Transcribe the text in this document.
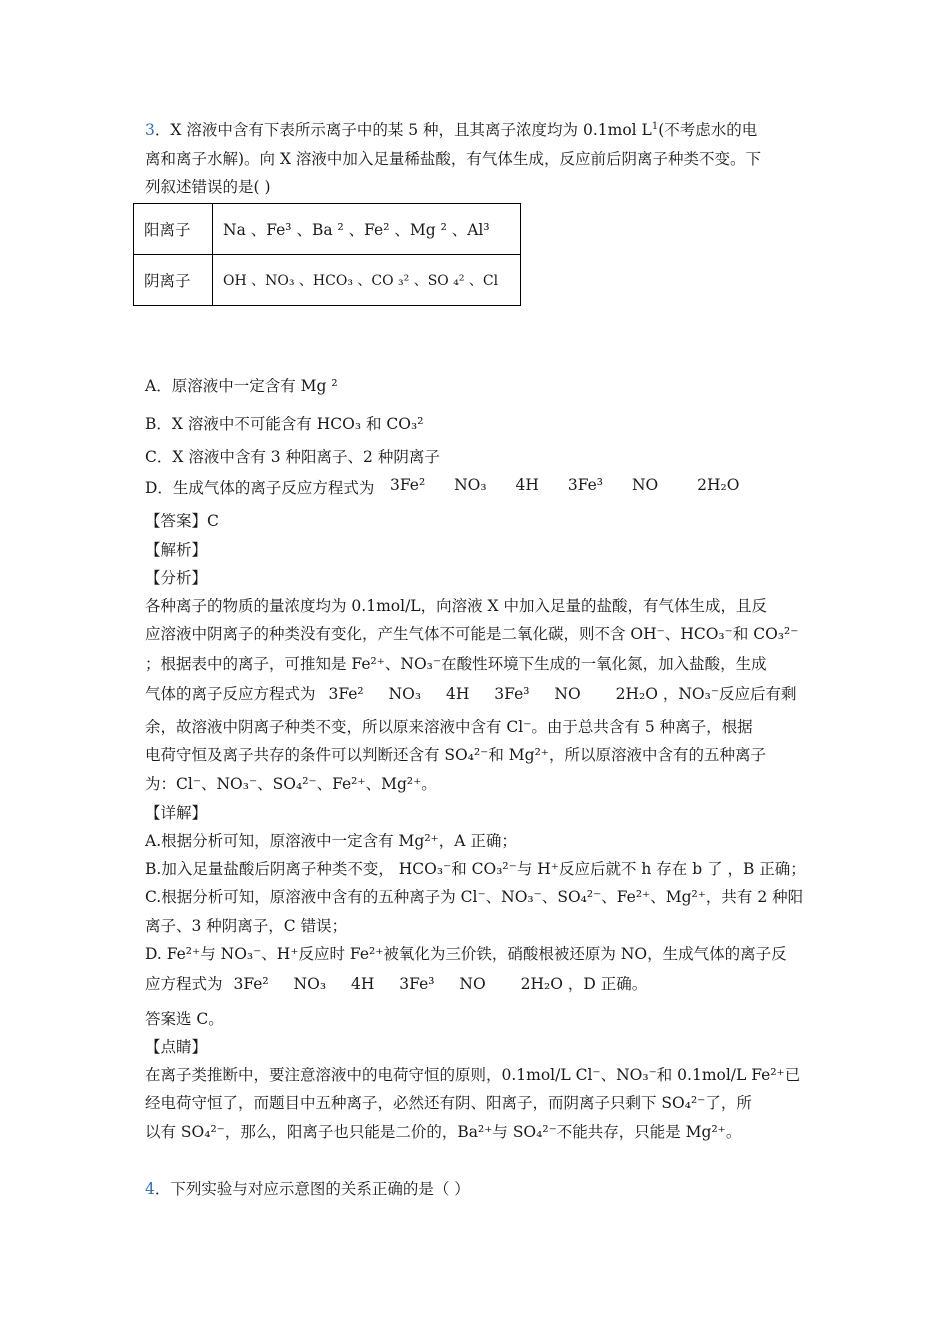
3．X 溶液中含有下表所示离子中的某 5 种，且其离子浓度均为 0.1mol $L^1$(不考虑水的电
离和离子水解)。向 X 溶液中加入足量稀盐酸，有气体生成，反应前后阴离子种类不变。下
列叙述错误的是( )
阳离子	Na 、Fe³ 、Ba ² 、Fe² 、Mg ² 、Al³
阴离子	OH 、NO₃ 、HCO₃ 、CO ₃² 、SO ₄² 、Cl
A．原溶液中一定含有 Mg ²
B．X 溶液中不可能含有 HCO₃ 和 CO₃²
C．X 溶液中含有 3 种阳离子、2 种阴离子
D．生成气体的离子反应方程式为 3Fe² NO₃ 4H 3Fe³ NO	2H₂O
【答案】C
【解析】
【分析】
各种离子的物质的量浓度均为 0.1mol/L，向溶液 X 中加入足量的盐酸，有气体生成，且反
应溶液中阴离子的种类没有变化，产生气体不可能是二氧化碳，则不含 OH⁻、HCO₃⁻和 CO₃²⁻
；根据表中的离子，可推知是 Fe²⁺、NO₃⁻在酸性环境下生成的一氧化氮，加入盐酸，生成
气体的离子反应方程式为 3Fe² NO₃ 4H 3Fe³ NO 2H₂O ，NO₃⁻反应后有剩
余，故溶液中阴离子种类不变，所以原来溶液中含有 Cl⁻。由于总共含有 5 种离子，根据
电荷守恒及离子共存的条件可以判断还含有 SO₄²⁻和 Mg²⁺，所以原溶液中含有的五种离子
为：Cl⁻、NO₃⁻、SO₄²⁻、Fe²⁺、Mg²⁺。
【详解】
A.根据分析可知，原溶液中一定含有 Mg²⁺，A 正确；
B.加入足量盐酸后阴离子种类不变， HCO₃⁻和 CO₃²⁻与 H⁺反应后就不 h 存在 b 了 ，B 正确；
C.根据分析可知，原溶液中含有的五种离子为 Cl⁻、NO₃⁻、SO₄²⁻、Fe²⁺、Mg²⁺，共有 2 种阳
离子、3 种阴离子，C 错误；
D. Fe²⁺与 NO₃⁻、H⁺反应时 Fe²⁺被氧化为三价铁，硝酸根被还原为 NO，生成气体的离子反
应方程式为 3Fe² NO₃ 4H 3Fe³ NO 2H₂O ，D 正确。
答案选 C。
【点睛】
在离子类推断中，要注意溶液中的电荷守恒的原则，0.1mol/L Cl⁻、NO₃⁻和 0.1mol/L Fe²⁺已
经电荷守恒了，而题目中五种离子，必然还有阴、阳离子，而阴离子只剩下 SO₄²⁻了，所
以有 SO₄²⁻，那么，阳离子也只能是二价的，Ba²⁺与 SO₄²⁻不能共存，只能是 Mg²⁺。
4．下列实验与对应示意图的关系正确的是（ ）
